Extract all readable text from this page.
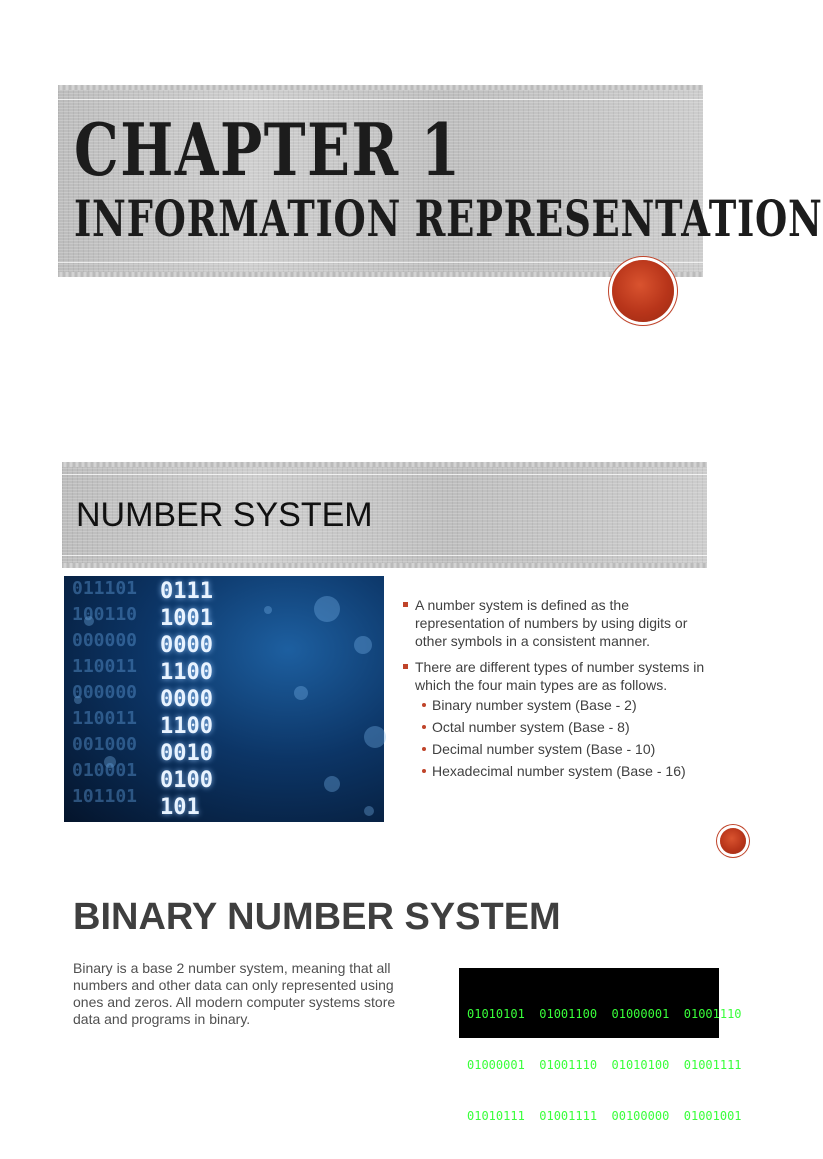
CHAPTER 1
INFORMATION REPRESENTATION
NUMBER SYSTEM
011101
100110
000000
110011
000000
110011
001000
010001
101101
0111
1001
0000
1100
0000
1100
0010
0100
101
A number system is defined as the representation of numbers by using digits or other symbols in a consistent manner.
There are different types of number systems in which the four main types are as follows.
Binary number system (Base - 2)
Octal number system (Base - 8)
Decimal number system (Base - 10)
Hexadecimal number system (Base - 16)
BINARY NUMBER SYSTEM
Binary is a base 2 number system, meaning that all numbers and other data can only represented using ones and zeros. All modern computer systems store data and programs in binary.

	01010101  01001100  01000001  01001110

01000001  01001110  01010100  01001111

01010111  01001111  00100000  01001001
